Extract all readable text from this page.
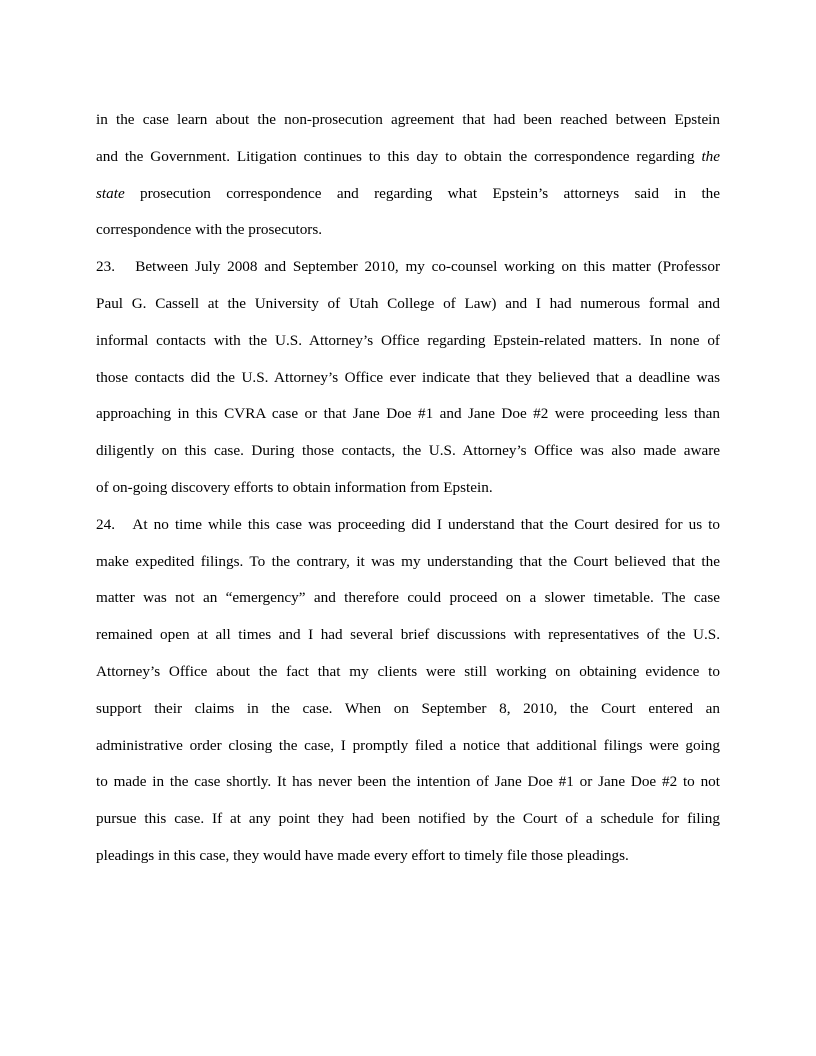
in the case learn about the non-prosecution agreement that had been reached between Epstein
and the Government. Litigation continues to this day to obtain the correspondence regarding the
state prosecution correspondence and regarding what Epstein’s attorneys said in the
correspondence with the prosecutors.
23. Between July 2008 and September 2010, my co-counsel working on this matter (Professor
Paul G. Cassell at the University of Utah College of Law) and I had numerous formal and
informal contacts with the U.S. Attorney’s Office regarding Epstein-related matters. In none of
those contacts did the U.S. Attorney’s Office ever indicate that they believed that a deadline was
approaching in this CVRA case or that Jane Doe #1 and Jane Doe #2 were proceeding less than
diligently on this case. During those contacts, the U.S. Attorney’s Office was also made aware
of on-going discovery efforts to obtain information from Epstein.
24. At no time while this case was proceeding did I understand that the Court desired for us to
make expedited filings. To the contrary, it was my understanding that the Court believed that the
matter was not an “emergency” and therefore could proceed on a slower timetable. The case
remained open at all times and I had several brief discussions with representatives of the U.S.
Attorney’s Office about the fact that my clients were still working on obtaining evidence to
support their claims in the case. When on September 8, 2010, the Court entered an
administrative order closing the case, I promptly filed a notice that additional filings were going
to made in the case shortly. It has never been the intention of Jane Doe #1 or Jane Doe #2 to not
pursue this case. If at any point they had been notified by the Court of a schedule for filing
pleadings in this case, they would have made every effort to timely file those pleadings.
